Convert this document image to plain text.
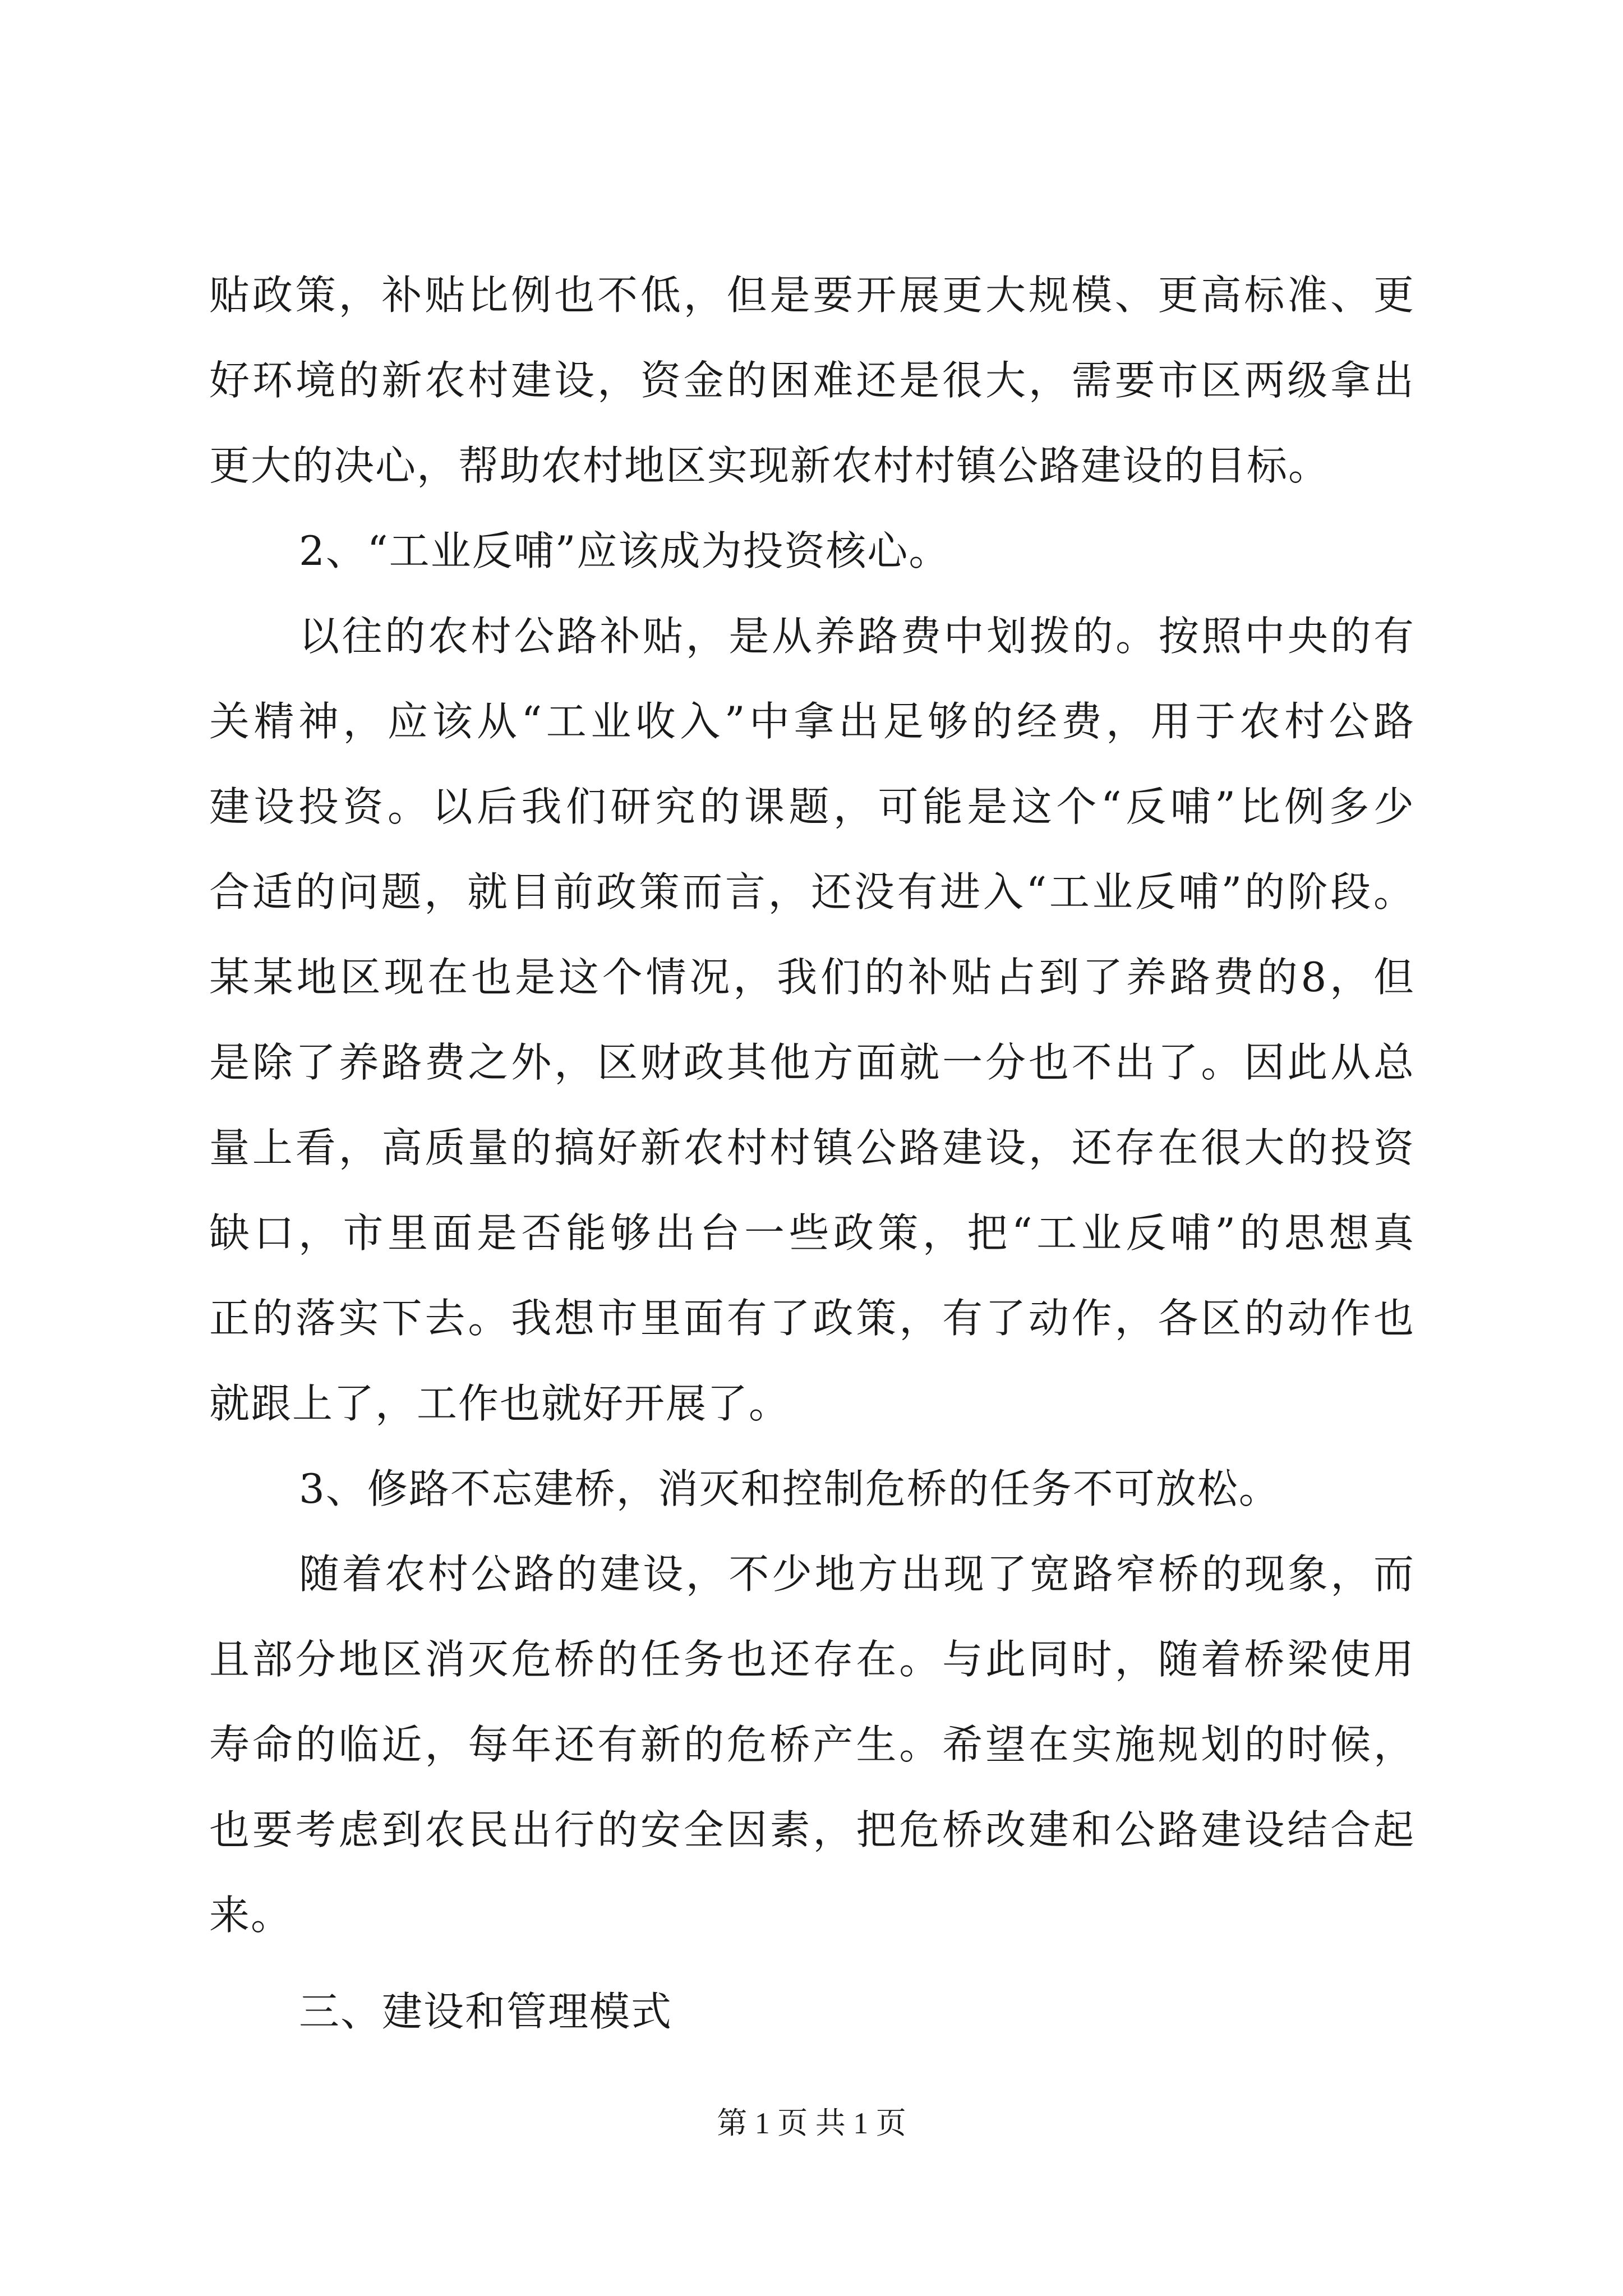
贴政策，补贴比例也不低，但是要开展更大规模、更高标准、更
好环境的新农村建设，资金的困难还是很大，需要市区两级拿出
更大的决心，帮助农村地区实现新农村村镇公路建设的目标。
2、“工业反哺”应该成为投资核心。
以往的农村公路补贴，是从养路费中划拨的。按照中央的有
关精神，应该从“工业收入”中拿出足够的经费，用于农村公路
建设投资。以后我们研究的课题，可能是这个“反哺”比例多少
合适的问题，就目前政策而言，还没有进入“工业反哺”的阶段。
某某地区现在也是这个情况，我们的补贴占到了养路费的8，但
是除了养路费之外，区财政其他方面就一分也不出了。因此从总
量上看，高质量的搞好新农村村镇公路建设，还存在很大的投资
缺口，市里面是否能够出台一些政策，把“工业反哺”的思想真
正的落实下去。我想市里面有了政策，有了动作，各区的动作也
就跟上了，工作也就好开展了。
3、修路不忘建桥，消灭和控制危桥的任务不可放松。
随着农村公路的建设，不少地方出现了宽路窄桥的现象，而
且部分地区消灭危桥的任务也还存在。与此同时，随着桥梁使用
寿命的临近，每年还有新的危桥产生。希望在实施规划的时候，
也要考虑到农民出行的安全因素，把危桥改建和公路建设结合起
来。
三、建设和管理模式
第 1 页 共 1 页
